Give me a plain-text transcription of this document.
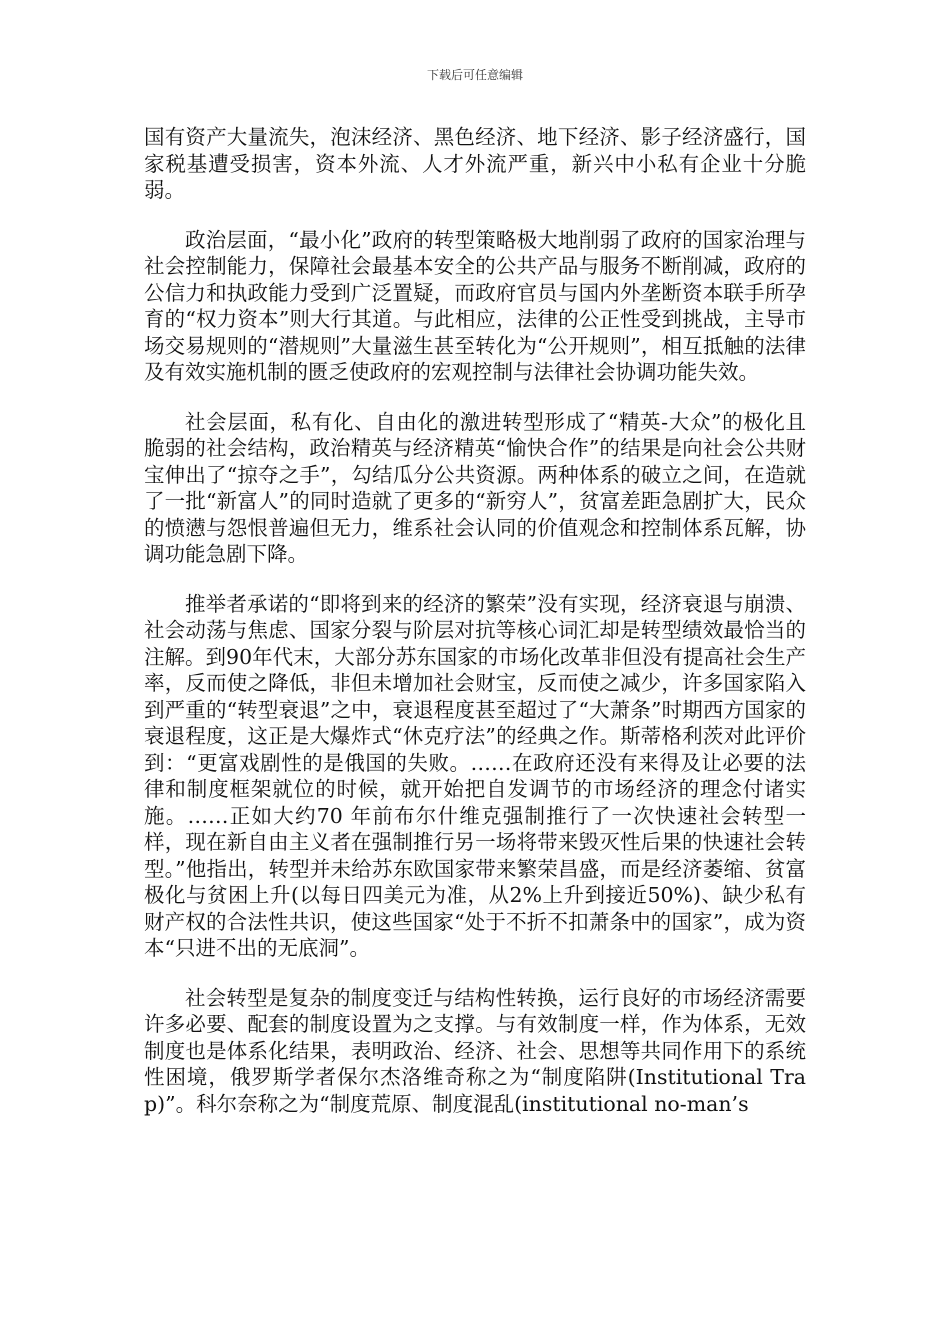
下载后可任意编辑

国有资产大量流失，泡沫经济、黑色经济、地下经济、影子经济盛行，国家税基遭受损害，资本外流、人才外流严重，新兴中小私有企业十分脆弱。

政治层面，“最小化”政府的转型策略极大地削弱了政府的国家治理与社会控制能力，保障社会最基本安全的公共产品与服务不断削减，政府的公信力和执政能力受到广泛置疑，而政府官员与国内外垄断资本联手所孕育的“权力资本”则大行其道。与此相应，法律的公正性受到挑战，主导市场交易规则的“潜规则”大量滋生甚至转化为“公开规则”，相互抵触的法律及有效实施机制的匮乏使政府的宏观控制与法律社会协调功能失效。

社会层面，私有化、自由化的激进转型形成了“精英-大众”的极化且脆弱的社会结构，政治精英与经济精英“愉快合作”的结果是向社会公共财宝伸出了“掠夺之手”，勾结瓜分公共资源。两种体系的破立之间，在造就了一批“新富人”的同时造就了更多的“新穷人”，贫富差距急剧扩大，民众的愤懑与怨恨普遍但无力，维系社会认同的价值观念和控制体系瓦解，协调功能急剧下降。

推举者承诺的“即将到来的经济的繁荣”没有实现，经济衰退与崩溃、社会动荡与焦虑、国家分裂与阶层对抗等核心词汇却是转型绩效最恰当的注解。到90年代末，大部分苏东国家的市场化改革非但没有提高社会生产率，反而使之降低，非但未增加社会财宝，反而使之减少，许多国家陷入到严重的“转型衰退”之中，衰退程度甚至超过了“大萧条”时期西方国家的衰退程度，这正是大爆炸式“休克疗法”的经典之作。斯蒂格利茨对此评价到：“更富戏剧性的是俄国的失败。……在政府还没有来得及让必要的法律和制度框架就位的时候，就开始把自发调节的市场经济的理念付诸实施。……正如大约70 年前布尔什维克强制推行了一次快速社会转型一样，现在新自由主义者在强制推行另一场将带来毁灭性后果的快速社会转型。”他指出，转型并未给苏东欧国家带来繁荣昌盛，而是经济萎缩、贫富极化与贫困上升(以每日四美元为准，从2%上升到接近50%)、缺少私有财产权的合法性共识，使这些国家“处于不折不扣萧条中的国家”，成为资本“只进不出的无底洞”。

社会转型是复杂的制度变迁与结构性转换，运行良好的市场经济需要许多必要、配套的制度设置为之支撑。与有效制度一样，作为体系，无效制度也是体系化结果，表明政治、经济、社会、思想等共同作用下的系统性困境，俄罗斯学者保尔杰洛维奇称之为“制度陷阱(Institutional Trap)”。科尔奈称之为“制度荒原、制度混乱(institutional no-man’s
